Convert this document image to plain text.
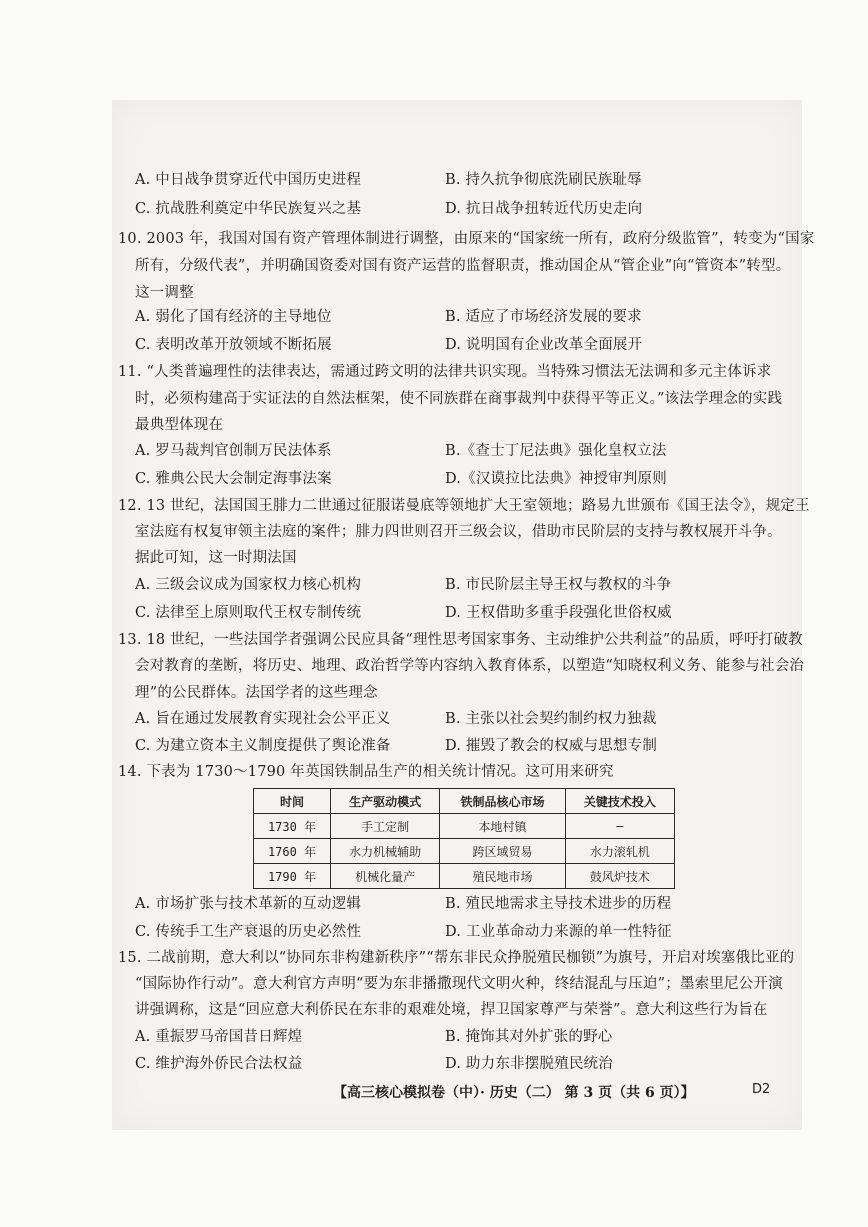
A. 中日战争贯穿近代中国历史进程	B. 持久抗争彻底洗刷民族耻辱
C. 抗战胜利奠定中华民族复兴之基	D. 抗日战争扭转近代历史走向
10. 2003 年，我国对国有资产管理体制进行调整，由原来的“国家统一所有，政府分级监管”，转变为“国家
所有，分级代表”，并明确国资委对国有资产运营的监督职责，推动国企从“管企业”向“管资本”转型。
这一调整
A. 弱化了国有经济的主导地位	B. 适应了市场经济发展的要求
C. 表明改革开放领域不断拓展	D. 说明国有企业改革全面展开
11. “人类普遍理性的法律表达，需通过跨文明的法律共识实现。当特殊习惯法无法调和多元主体诉求
时，必须构建高于实证法的自然法框架，使不同族群在商事裁判中获得平等正义。”该法学理念的实践
最典型体现在
A. 罗马裁判官创制万民法体系	B.《查士丁尼法典》强化皇权立法
C. 雅典公民大会制定海事法案	D.《汉谟拉比法典》神授审判原则
12. 13 世纪，法国国王腓力二世通过征服诺曼底等领地扩大王室领地；路易九世颁布《国王法令》，规定王
室法庭有权复审领主法庭的案件；腓力四世则召开三级会议，借助市民阶层的支持与教权展开斗争。
据此可知，这一时期法国
A. 三级会议成为国家权力核心机构	B. 市民阶层主导王权与教权的斗争
C. 法律至上原则取代王权专制传统	D. 王权借助多重手段强化世俗权威
13. 18 世纪，一些法国学者强调公民应具备“理性思考国家事务、主动维护公共利益”的品质，呼吁打破教
会对教育的垄断，将历史、地理、政治哲学等内容纳入教育体系，以塑造“知晓权利义务、能参与社会治
理”的公民群体。法国学者的这些理念
A. 旨在通过发展教育实现社会公平正义	B. 主张以社会契约制约权力独裁
C. 为建立资本主义制度提供了舆论准备	D. 摧毁了教会的权威与思想专制
14. 下表为 1730～1790 年英国铁制品生产的相关统计情况。这可用来研究
时间	生产驱动模式	铁制品核心市场	关键技术投入
1730 年	手工定制	本地村镇	—
1760 年	水力机械辅助	跨区域贸易	水力滚轧机
1790 年	机械化量产	殖民地市场	鼓风炉技术
A. 市场扩张与技术革新的互动逻辑	B. 殖民地需求主导技术进步的历程
C. 传统手工生产衰退的历史必然性	D. 工业革命动力来源的单一性特征
15. 二战前期，意大利以“协同东非构建新秩序”“帮东非民众挣脱殖民枷锁”为旗号，开启对埃塞俄比亚的
“国际协作行动”。意大利官方声明“要为东非播撒现代文明火种，终结混乱与压迫”；墨索里尼公开演
讲强调称，这是“回应意大利侨民在东非的艰难处境，捍卫国家尊严与荣誉”。意大利这些行为旨在
A. 重振罗马帝国昔日辉煌	B. 掩饰其对外扩张的野心
C. 维护海外侨民合法权益	D. 助力东非摆脱殖民统治
【高三核心模拟卷（中）· 历史（二） 第 3 页（共 6 页）】	D2
